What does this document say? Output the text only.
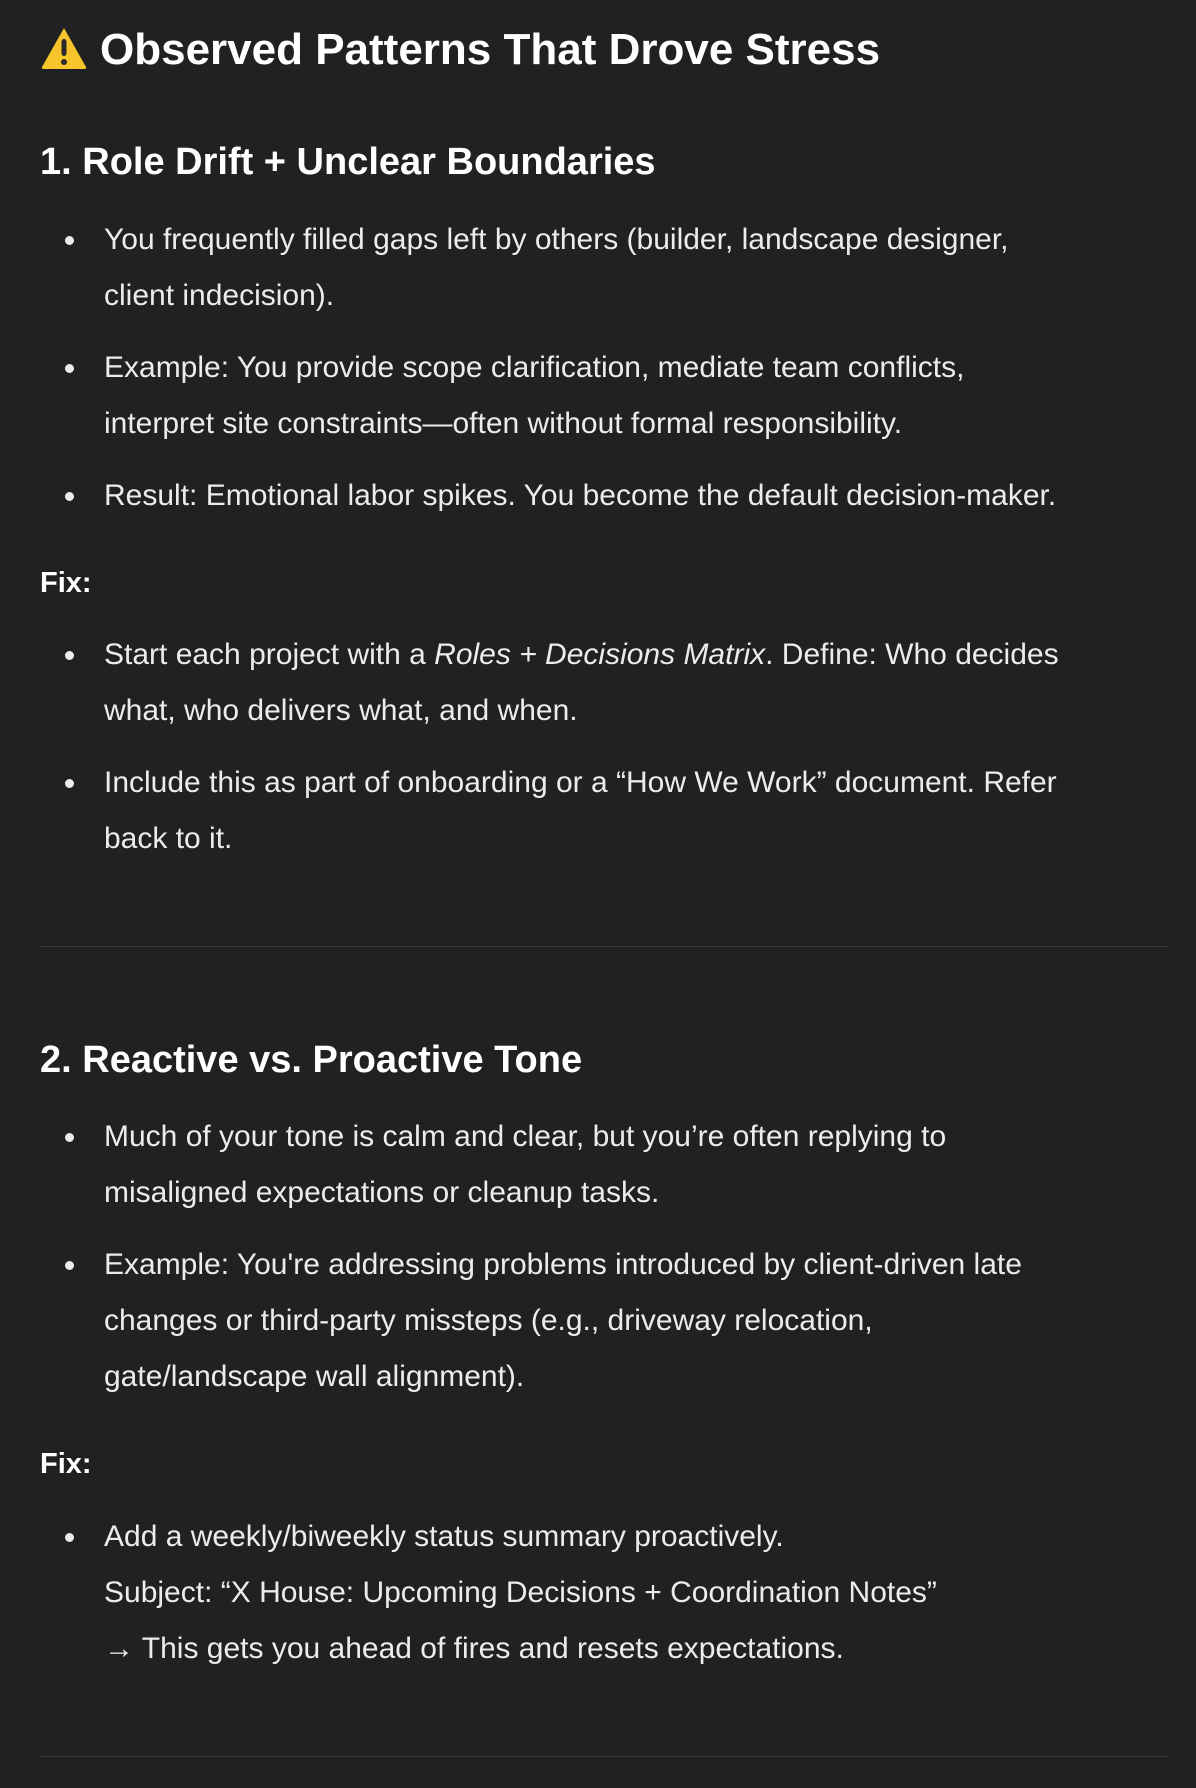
Observed Patterns That Drove Stress
1. Role Drift + Unclear Boundaries
You frequently filled gaps left by others (builder, landscape designer,
client indecision).
Example: You provide scope clarification, mediate team conflicts,
interpret site constraints—often without formal responsibility.
Result: Emotional labor spikes. You become the default decision-maker.

Fix:

Start each project with a Roles + Decisions Matrix. Define: Who decides
what, who delivers what, and when.
Include this as part of onboarding or a “How We Work” document. Refer
back to it.
2. Reactive vs. Proactive Tone
Much of your tone is calm and clear, but you’re often replying to
misaligned expectations or cleanup tasks.
Example: You're addressing problems introduced by client-driven late
changes or third-party missteps (e.g., driveway relocation,
gate/landscape wall alignment).

Fix:

Add a weekly/biweekly status summary proactively.
Subject: “X House: Upcoming Decisions + Coordination Notes”
→ This gets you ahead of fires and resets expectations.
